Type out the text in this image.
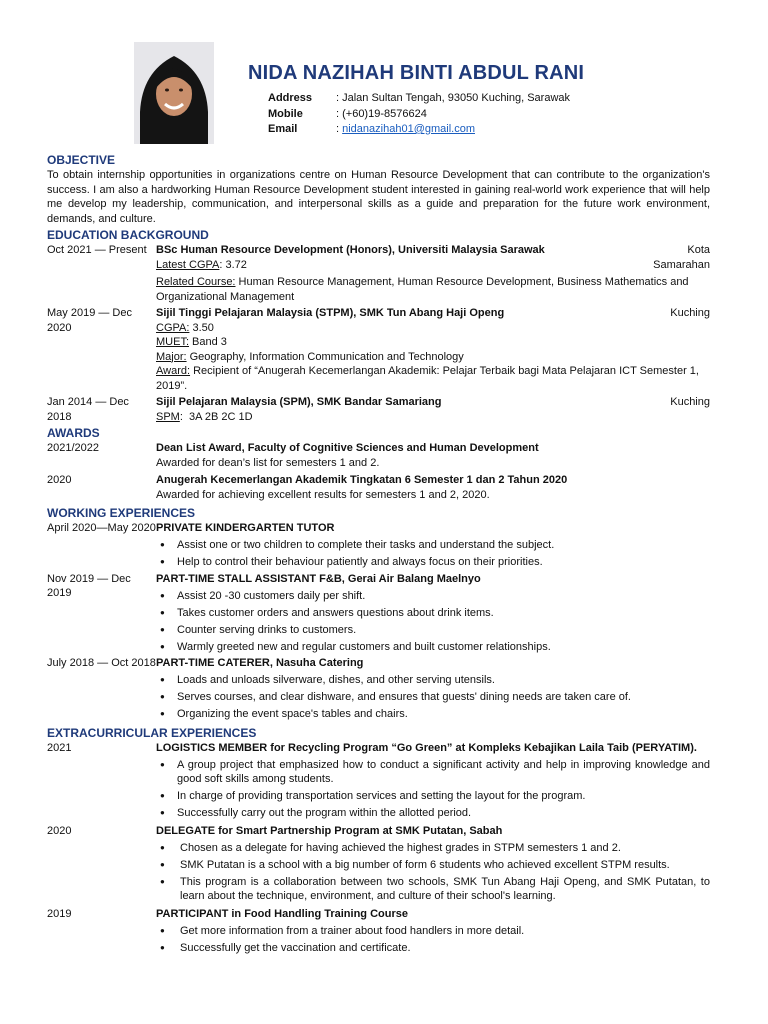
NIDA NAZIHAH BINTI ABDUL RANI
Address	: Jalan Sultan Tengah, 93050 Kuching, Sarawak
Mobile	: (+60)19-8576624
Email	: nidanazihah01@gmail.com
OBJECTIVE
To obtain internship opportunities in organizations centre on Human Resource Development that can contribute to the organization's success. I am also a hardworking Human Resource Development student interested in gaining real-world work experience that will help me develop my leadership, communication, and interpersonal skills as a guide and preparation for the future work environment, demands, and culture.
EDUCATION BACKGROUND
Oct 2021 — Present BSc Human Resource Development (Honors), Universiti Malaysia Sarawak	Kota Samarahan
Latest CGPA: 3.72
Related Course: Human Resource Management, Human Resource Development, Business Mathematics and Organizational Management
May 2019 — Dec 2020
Sijil Tinggi Pelajaran Malaysia (STPM), SMK Tun Abang Haji Openg	Kuching
CGPA: 3.50
MUET: Band 3
Major: Geography, Information Communication and Technology
Award: Recipient of “Anugerah Kecemerlangan Akademik: Pelajar Terbaik bagi Mata Pelajaran ICT Semester 1, 2019”.
Jan 2014 — Dec 2018
Sijil Pelajaran Malaysia (SPM), SMK Bandar Samariang	Kuching
SPM:  3A 2B 2C 1D
AWARDS
2021/2022	Dean List Award, Faculty of Cognitive Sciences and Human Development
Awarded for dean’s list for semesters 1 and 2.
2020	Anugerah Kecemerlangan Akademik Tingkatan 6 Semester 1 dan 2 Tahun 2020
Awarded for achieving excellent results for semesters 1 and 2, 2020.
WORKING EXPERIENCES
April 2020—May 2020 PRIVATE KINDERGARTEN TUTOR
● Assist one or two children to complete their tasks and understand the subject.
● Help to control their behaviour patiently and always focus on their priorities.
Nov 2019 — Dec 2019
PART-TIME STALL ASSISTANT F&B, Gerai Air Balang Maelnyo
● Assist 20 -30 customers daily per shift.
● Takes customer orders and answers questions about drink items.
● Counter serving drinks to customers.
● Warmly greeted new and regular customers and built customer relationships.
July 2018 — Oct 2018 PART-TIME CATERER, Nasuha Catering
● Loads and unloads silverware, dishes, and other serving utensils.
● Serves courses, and clear dishware, and ensures that guests' dining needs are taken care of.
● Organizing the event space's tables and chairs.
EXTRACURRICULAR EXPERIENCES
2021	LOGISTICS MEMBER for Recycling Program “Go Green” at Kompleks Kebajikan Laila Taib (PERYATIM).
● A group project that emphasized how to conduct a significant activity and help in improving knowledge and good soft skills among students.
● In charge of providing transportation services and setting the layout for the program.
● Successfully carry out the program within the allotted period.
2020	DELEGATE for Smart Partnership Program at SMK Putatan, Sabah
● Chosen as a delegate for having achieved the highest grades in STPM semesters 1 and 2.
● SMK Putatan is a school with a big number of form 6 students who achieved excellent STPM results.
● This program is a collaboration between two schools, SMK Tun Abang Haji Openg, and SMK Putatan, to learn about the technique, environment, and culture of their school's learning.
2019	PARTICIPANT in Food Handling Training Course
● Get more information from a trainer about food handlers in more detail.
● Successfully get the vaccination and certificate.
